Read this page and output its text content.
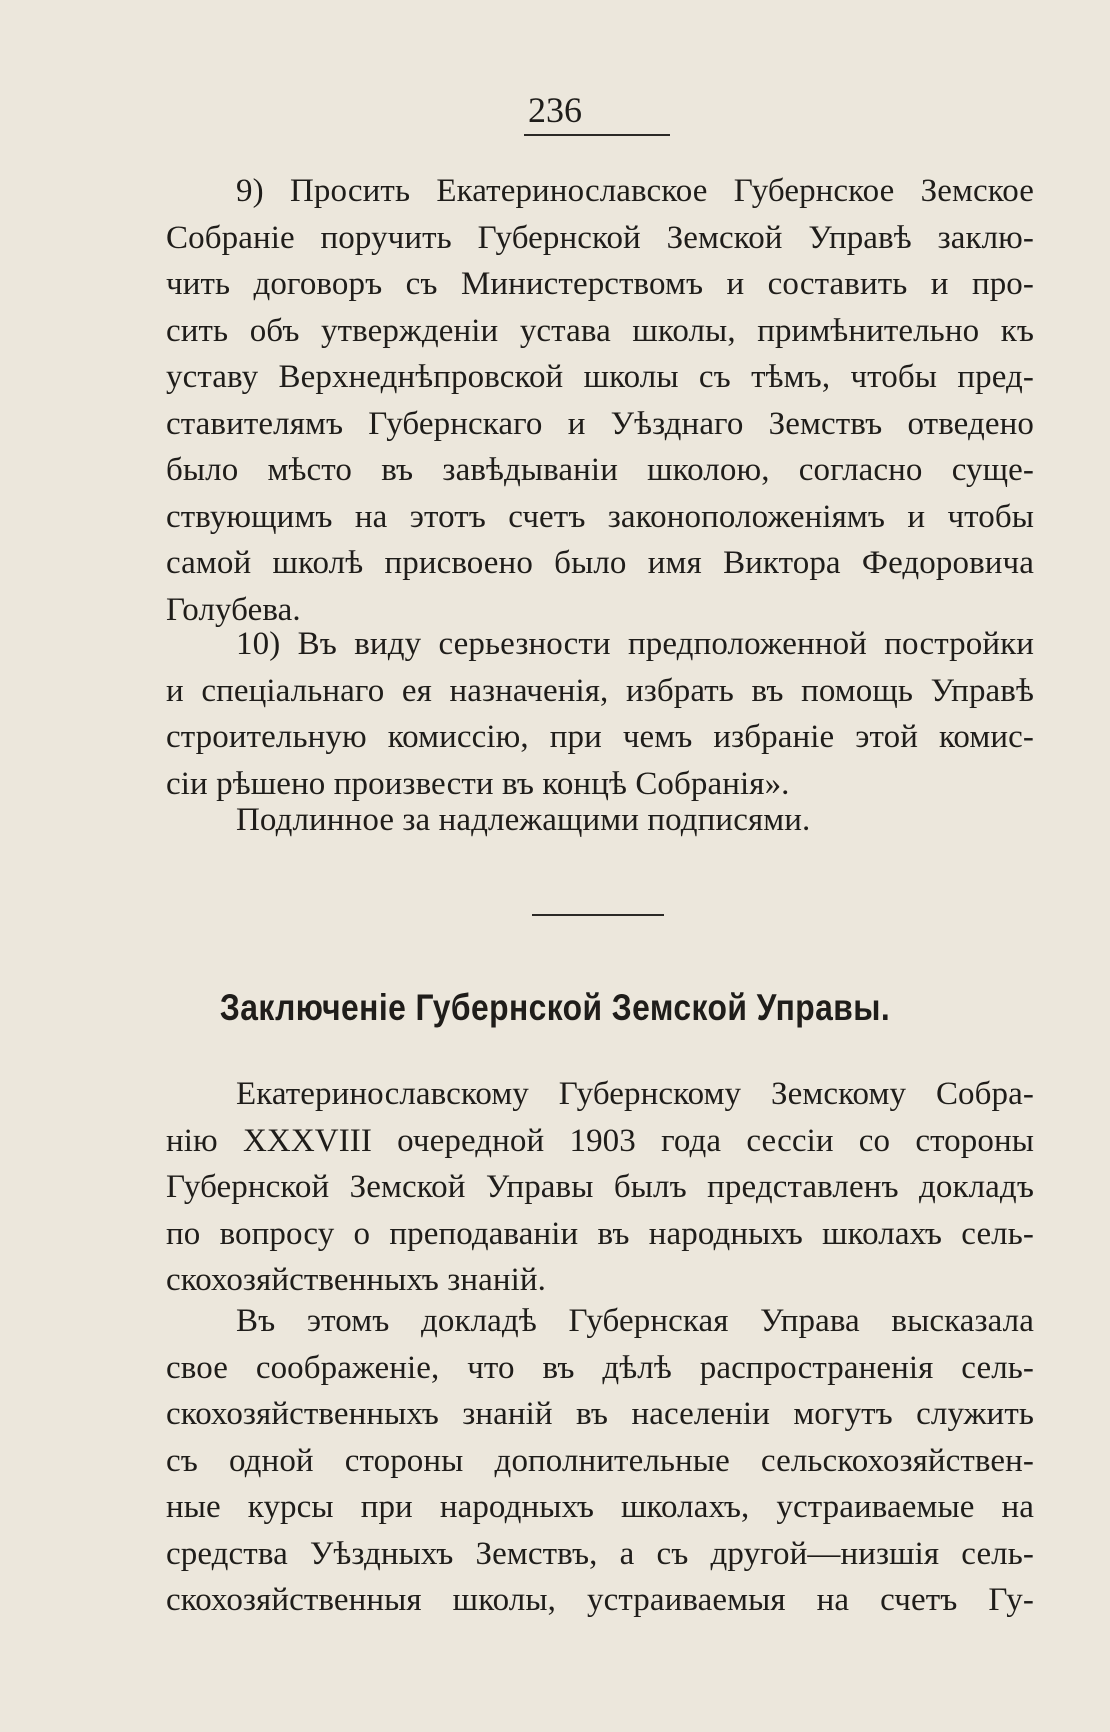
236
9) Просить Екатеринославское Губернское Земское
Собраніе поручить Губернской Земской Управѣ заклю-
чить договоръ съ Министерствомъ и составить и про-
сить объ утвержденіи устава школы, примѣнительно къ
уставу Верхнеднѣпровской школы съ тѣмъ, чтобы пред-
ставителямъ Губернскаго и Уѣзднаго Земствъ отведено
было мѣсто въ завѣдываніи школою, согласно суще-
ствующимъ на этотъ счетъ законоположеніямъ и чтобы
самой школѣ присвоено было имя Виктора Федоровича
Голубева.
10) Въ виду серьезности предположенной постройки
и спеціальнаго ея назначенія, избрать въ помощь Управѣ
строительную комиссію, при чемъ избраніе этой комис-
сіи рѣшено произвести въ концѣ Собранія».
Подлинное за надлежащими подписями.
Заключеніе Губернской Земской Управы.
Екатеринославскому Губернскому Земскому Собра-
нію XXXVIII очередной 1903 года сессіи со стороны
Губернской Земской Управы былъ представленъ докладъ
по вопросу о преподаваніи въ народныхъ школахъ сель-
скохозяйственныхъ знаній.
Въ этомъ докладѣ Губернская Управа высказала
свое соображеніе, что въ дѣлѣ распространенія сель-
скохозяйственныхъ знаній въ населеніи могутъ служить
съ одной стороны дополнительные сельскохозяйствен-
ные курсы при народныхъ школахъ, устраиваемые на
средства Уѣздныхъ Земствъ, а съ другой—низшія сель-
скохозяйственныя школы, устраиваемыя на счетъ Гу-
